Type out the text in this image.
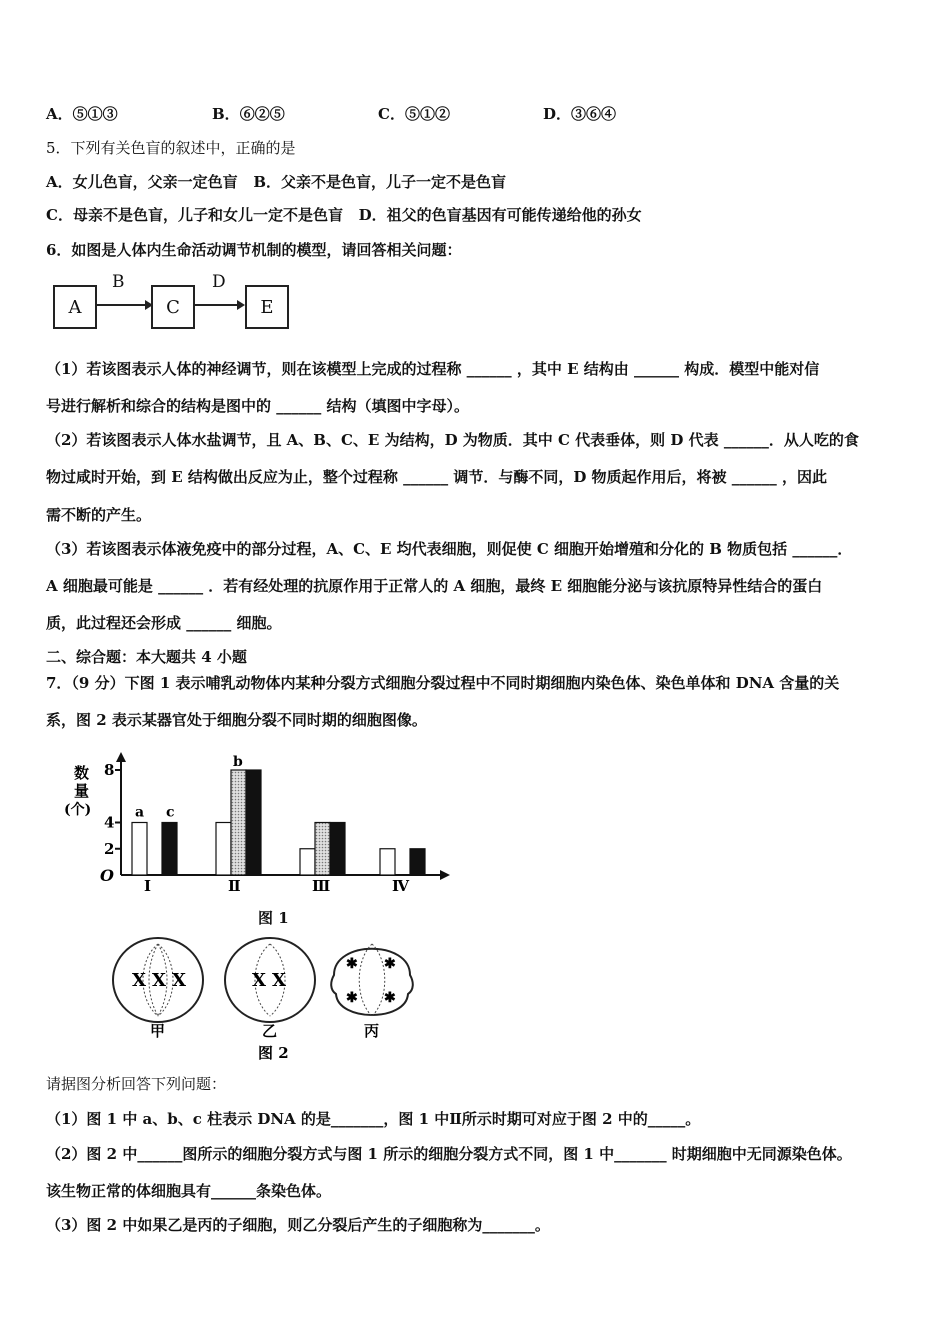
A．⑤①③	B．⑥②⑤	C．⑤①②	D．③⑥④
5．下列有关色盲的叙述中，正确的是
A．女儿色盲，父亲一定色盲 B．父亲不是色盲，儿子一定不是色盲
C．母亲不是色盲，儿子和女儿一定不是色盲 D．祖父的色盲基因有可能传递给他的孙女
6．如图是人体内生命活动调节机制的模型，请回答相关问题：
A
B
C
D
E
（1）若该图表示人体的神经调节，则在该模型上完成的过程称 ______ ，其中 E 结构由 ______ 构成．模型中能对信
号进行解析和综合的结构是图中的 ______ 结构（填图中字母）。
（2）若该图表示人体水盐调节，且 A、B、C、E 为结构，D 为物质．其中 C 代表垂体，则 D 代表 ______．从人吃的食
物过咸时开始，到 E 结构做出反应为止，整个过程称 ______ 调节．与酶不同，D 物质起作用后，将被 ______ ，因此
需不断的产生。
（3）若该图表示体液免疫中的部分过程，A、C、E 均代表细胞，则促使 C 细胞开始增殖和分化的 B 物质包括 ______．
A 细胞最可能是 ______ ．若有经处理的抗原作用于正常人的 A 细胞，最终 E 细胞能分泌与该抗原特异性结合的蛋白
质，此过程还会形成 ______ 细胞。
二、综合题：本大题共 4 小题
7．（9 分）下图 1 表示哺乳动物体内某种分裂方式细胞分裂过程中不同时期细胞内染色体、染色单体和 DNA 含量的关
系，图 2 表示某器官处于细胞分裂不同时期的细胞图像。
数
量
(个)
O
8
4
2
Ⅰ	Ⅱ	Ⅲ	Ⅳ
a c
b
图 1
X X X	X X
✱ ✱
✱ ✱
甲	乙	丙
图 2
请据图分析回答下列问题：
（1）图 1 中 a、b、c 柱表示 DNA 的是_______，图 1 中Ⅱ所示时期可对应于图 2 中的_____。
（2）图 2 中______图所示的细胞分裂方式与图 1 所示的细胞分裂方式不同，图 1 中_______ 时期细胞中无同源染色体。
该生物正常的体细胞具有______条染色体。
（3）图 2 中如果乙是丙的子细胞，则乙分裂后产生的子细胞称为_______。
